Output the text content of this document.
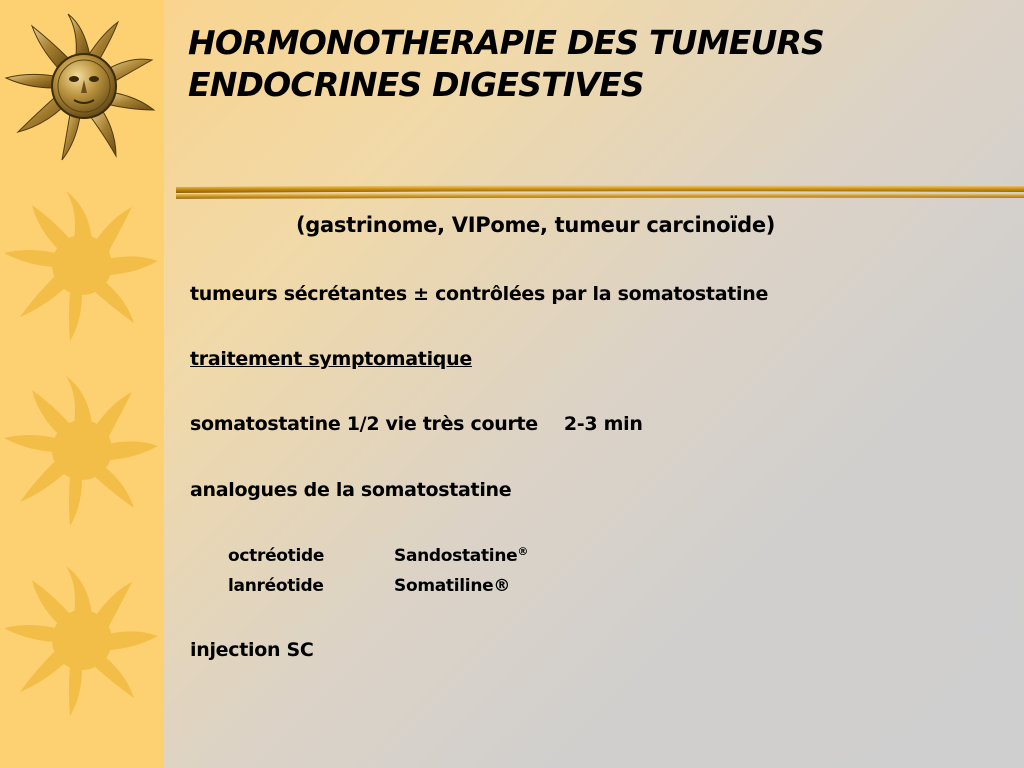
HORMONOTHERAPIE DES TUMEURS
ENDOCRINES DIGESTIVES
(gastrinome, VIPome, tumeur carcinoïde)
tumeurs sécrétantes ± contrôlées par la somatostatine
traitement symptomatique
somatostatine 1/2 vie très courte 2-3 min
analogues de la somatostatine
octréotide	Sandostatine®
lanréotide	Somatiline®
injection SC
